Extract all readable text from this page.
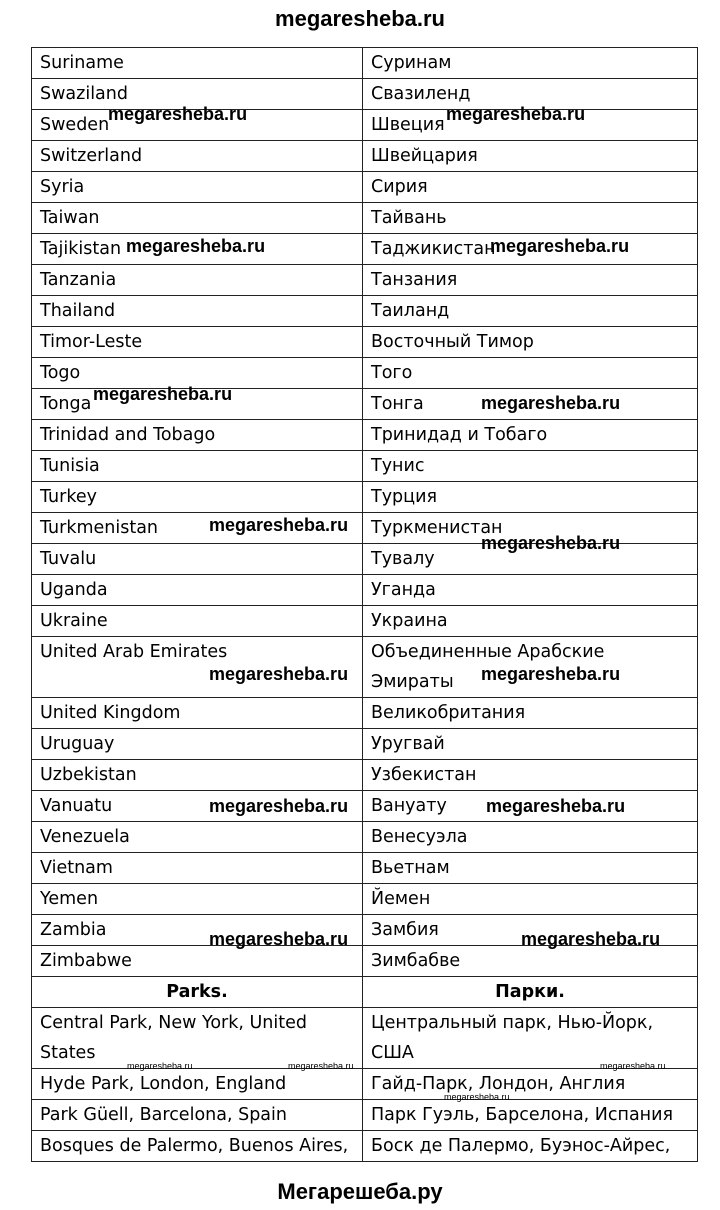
megaresheba.ru
Suriname	Суринам
Swaziland	Свазиленд
Sweden	Швеция
Switzerland	Швейцария
Syria	Сирия
Taiwan	Тайвань
Tajikistan	Таджикистан
Tanzania	Танзания
Thailand	Таиланд
Timor-Leste	Восточный Тимор
Togo	Того
Tonga	Тонга
Trinidad and Tobago	Тринидад и Тобаго
Tunisia	Тунис
Turkey	Турция
Turkmenistan	Туркменистан
Tuvalu	Тувалу
Uganda	Уганда
Ukraine	Украина
United Arab Emirates	Объединенные Арабские Эмираты
United Kingdom	Великобритания
Uruguay	Уругвай
Uzbekistan	Узбекистан
Vanuatu	Вануату
Venezuela	Венесуэла
Vietnam	Вьетнам
Yemen	Йемен
Zambia	Замбия
Zimbabwe	Зимбабве
Parks.	Парки.
Central Park, New York, United States	Центральный парк, Нью-Йорк, США
Hyde Park, London, England	Гайд-Парк, Лондон, Англия
Park Güell, Barcelona, Spain	Парк Гуэль, Барселона, Испания
Bosques de Palermo, Buenos Aires,	Боск де Палермо, Буэнос-Айрес,
megaresheba.ru	megaresheba.ru
megaresheba.ru	megaresheba.ru
megaresheba.ru	megaresheba.ru
megaresheba.ru
megaresheba.ru
megaresheba.ru	megaresheba.ru
megaresheba.ru	megaresheba.ru
megaresheba.ru	megaresheba.ru
megaresheba.ru	megaresheba.ru	megaresheba.ru
megaresheba.ru
Мегарешеба.ру
